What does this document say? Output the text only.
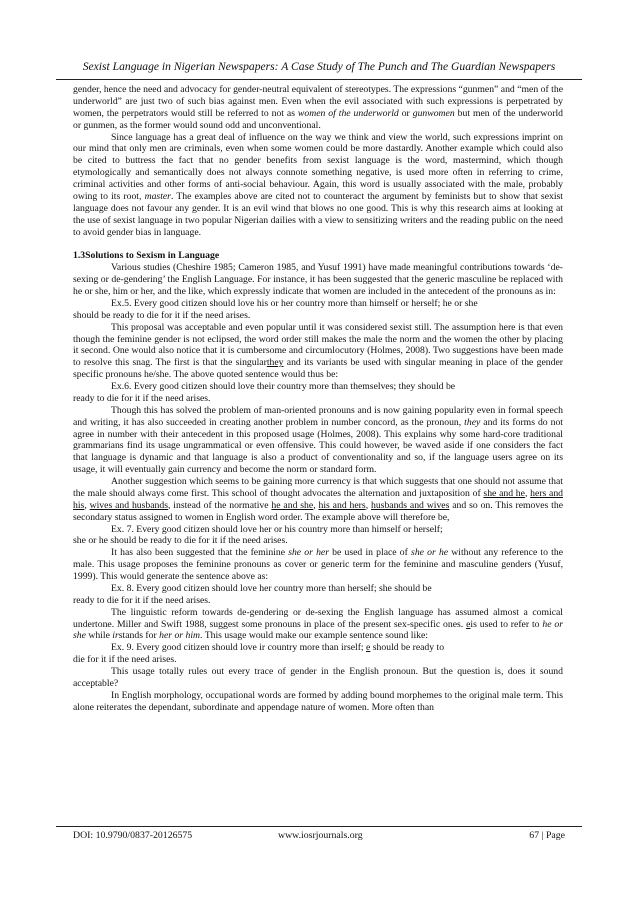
Sexist Language in Nigerian Newspapers: A Case Study of The Punch and The Guardian Newspapers

gender, hence the need and advocacy for gender-neutral equivalent of stereotypes. The expressions “gunmen” and “men of the underworld” are just two of such bias against men. Even when the evil associated with such expressions is perpetrated by women, the perpetrators would still be referred to not as women of the underworld or gunwomen but men of the underworld or gunmen, as the former would sound odd and unconventional.

Since language has a great deal of influence on the way we think and view the world, such expressions imprint on our mind that only men are criminals, even when some women could be more dastardly. Another example which could also be cited to buttress the fact that no gender benefits from sexist language is the word, mastermind, which though etymologically and semantically does not always connote something negative, is used more often in referring to crime, criminal activities and other forms of anti-social behaviour. Again, this word is usually associated with the male, probably owing to its root, master. The examples above are cited not to counteract the argument by feminists but to show that sexist language does not favour any gender. It is an evil wind that blows no one good. This is why this research aims at looking at the use of sexist language in two popular Nigerian dailies with a view to sensitizing writers and the reading public on the need to avoid gender bias in language.

1.3Solutions to Sexism in Language

Various studies (Cheshire 1985; Cameron 1985, and Yusuf 1991) have made meaningful contributions towards ‘de-sexing or de-gendering’ the English Language. For instance, it has been suggested that the generic masculine be replaced with he or she, him or her, and the like, which expressly indicate that women are included in the antecedent of the pronouns as in:

Ex.5. Every good citizen should love his or her country more than himself or herself; he or she

should be ready to die for it if the need arises.

This proposal was acceptable and even popular until it was considered sexist still. The assumption here is that even though the feminine gender is not eclipsed, the word order still makes the male the norm and the women the other by placing it second. One would also notice that it is cumbersome and circumlocutory (Holmes, 2008). Two suggestions have been made to resolve this snag. The first is that the singularthey and its variants be used with singular meaning in place of the gender specific pronouns he/she. The above quoted sentence would thus be:

Ex.6. Every good citizen should love their country more than themselves; they should be

ready to die for it if the need arises.

Though this has solved the problem of man-oriented pronouns and is now gaining popularity even in formal speech and writing, it has also succeeded in creating another problem in number concord, as the pronoun, they and its forms do not agree in number with their antecedent in this proposed usage (Holmes, 2008). This explains why some hard-core traditional grammarians find its usage ungrammatical or even offensive. This could however, be waved aside if one considers the fact that language is dynamic and that language is also a product of conventionality and so, if the language users agree on its usage, it will eventually gain currency and become the norm or standard form.

Another suggestion which seems to be gaining more currency is that which suggests that one should not assume that the male should always come first. This school of thought advocates the alternation and juxtaposition of she and he, hers and his, wives and husbands, instead of the normative he and she, his and hers, husbands and wives and so on. This removes the secondary status assigned to women in English word order. The example above will therefore be,

Ex. 7. Every good citizen should love her or his country more than himself or herself;

she or he should be ready to die for it if the need arises.

It has also been suggested that the feminine she or her be used in place of she or he without any reference to the male. This usage proposes the feminine pronouns as cover or generic term for the feminine and masculine genders (Yusuf, 1999). This would generate the sentence above as:

Ex. 8. Every good citizen should love her country more than herself; she should be

ready to die for it if the need arises.

The linguistic reform towards de-gendering or de-sexing the English language has assumed almost a comical undertone. Miller and Swift 1988, suggest some pronouns in place of the present sex-specific ones. eis used to refer to he or she while irstands for her or him. This usage would make our example sentence sound like:

Ex. 9. Every good citizen should love ir country more than irself; e should be ready to

die for it if the need arises.

This usage totally rules out every trace of gender in the English pronoun. But the question is, does it sound acceptable?

In English morphology, occupational words are formed by adding bound morphemes to the original male term. This alone reiterates the dependant, subordinate and appendage nature of women. More often than

DOI: 10.9790/0837-20126575	www.iosrjournals.org	67 | Page
